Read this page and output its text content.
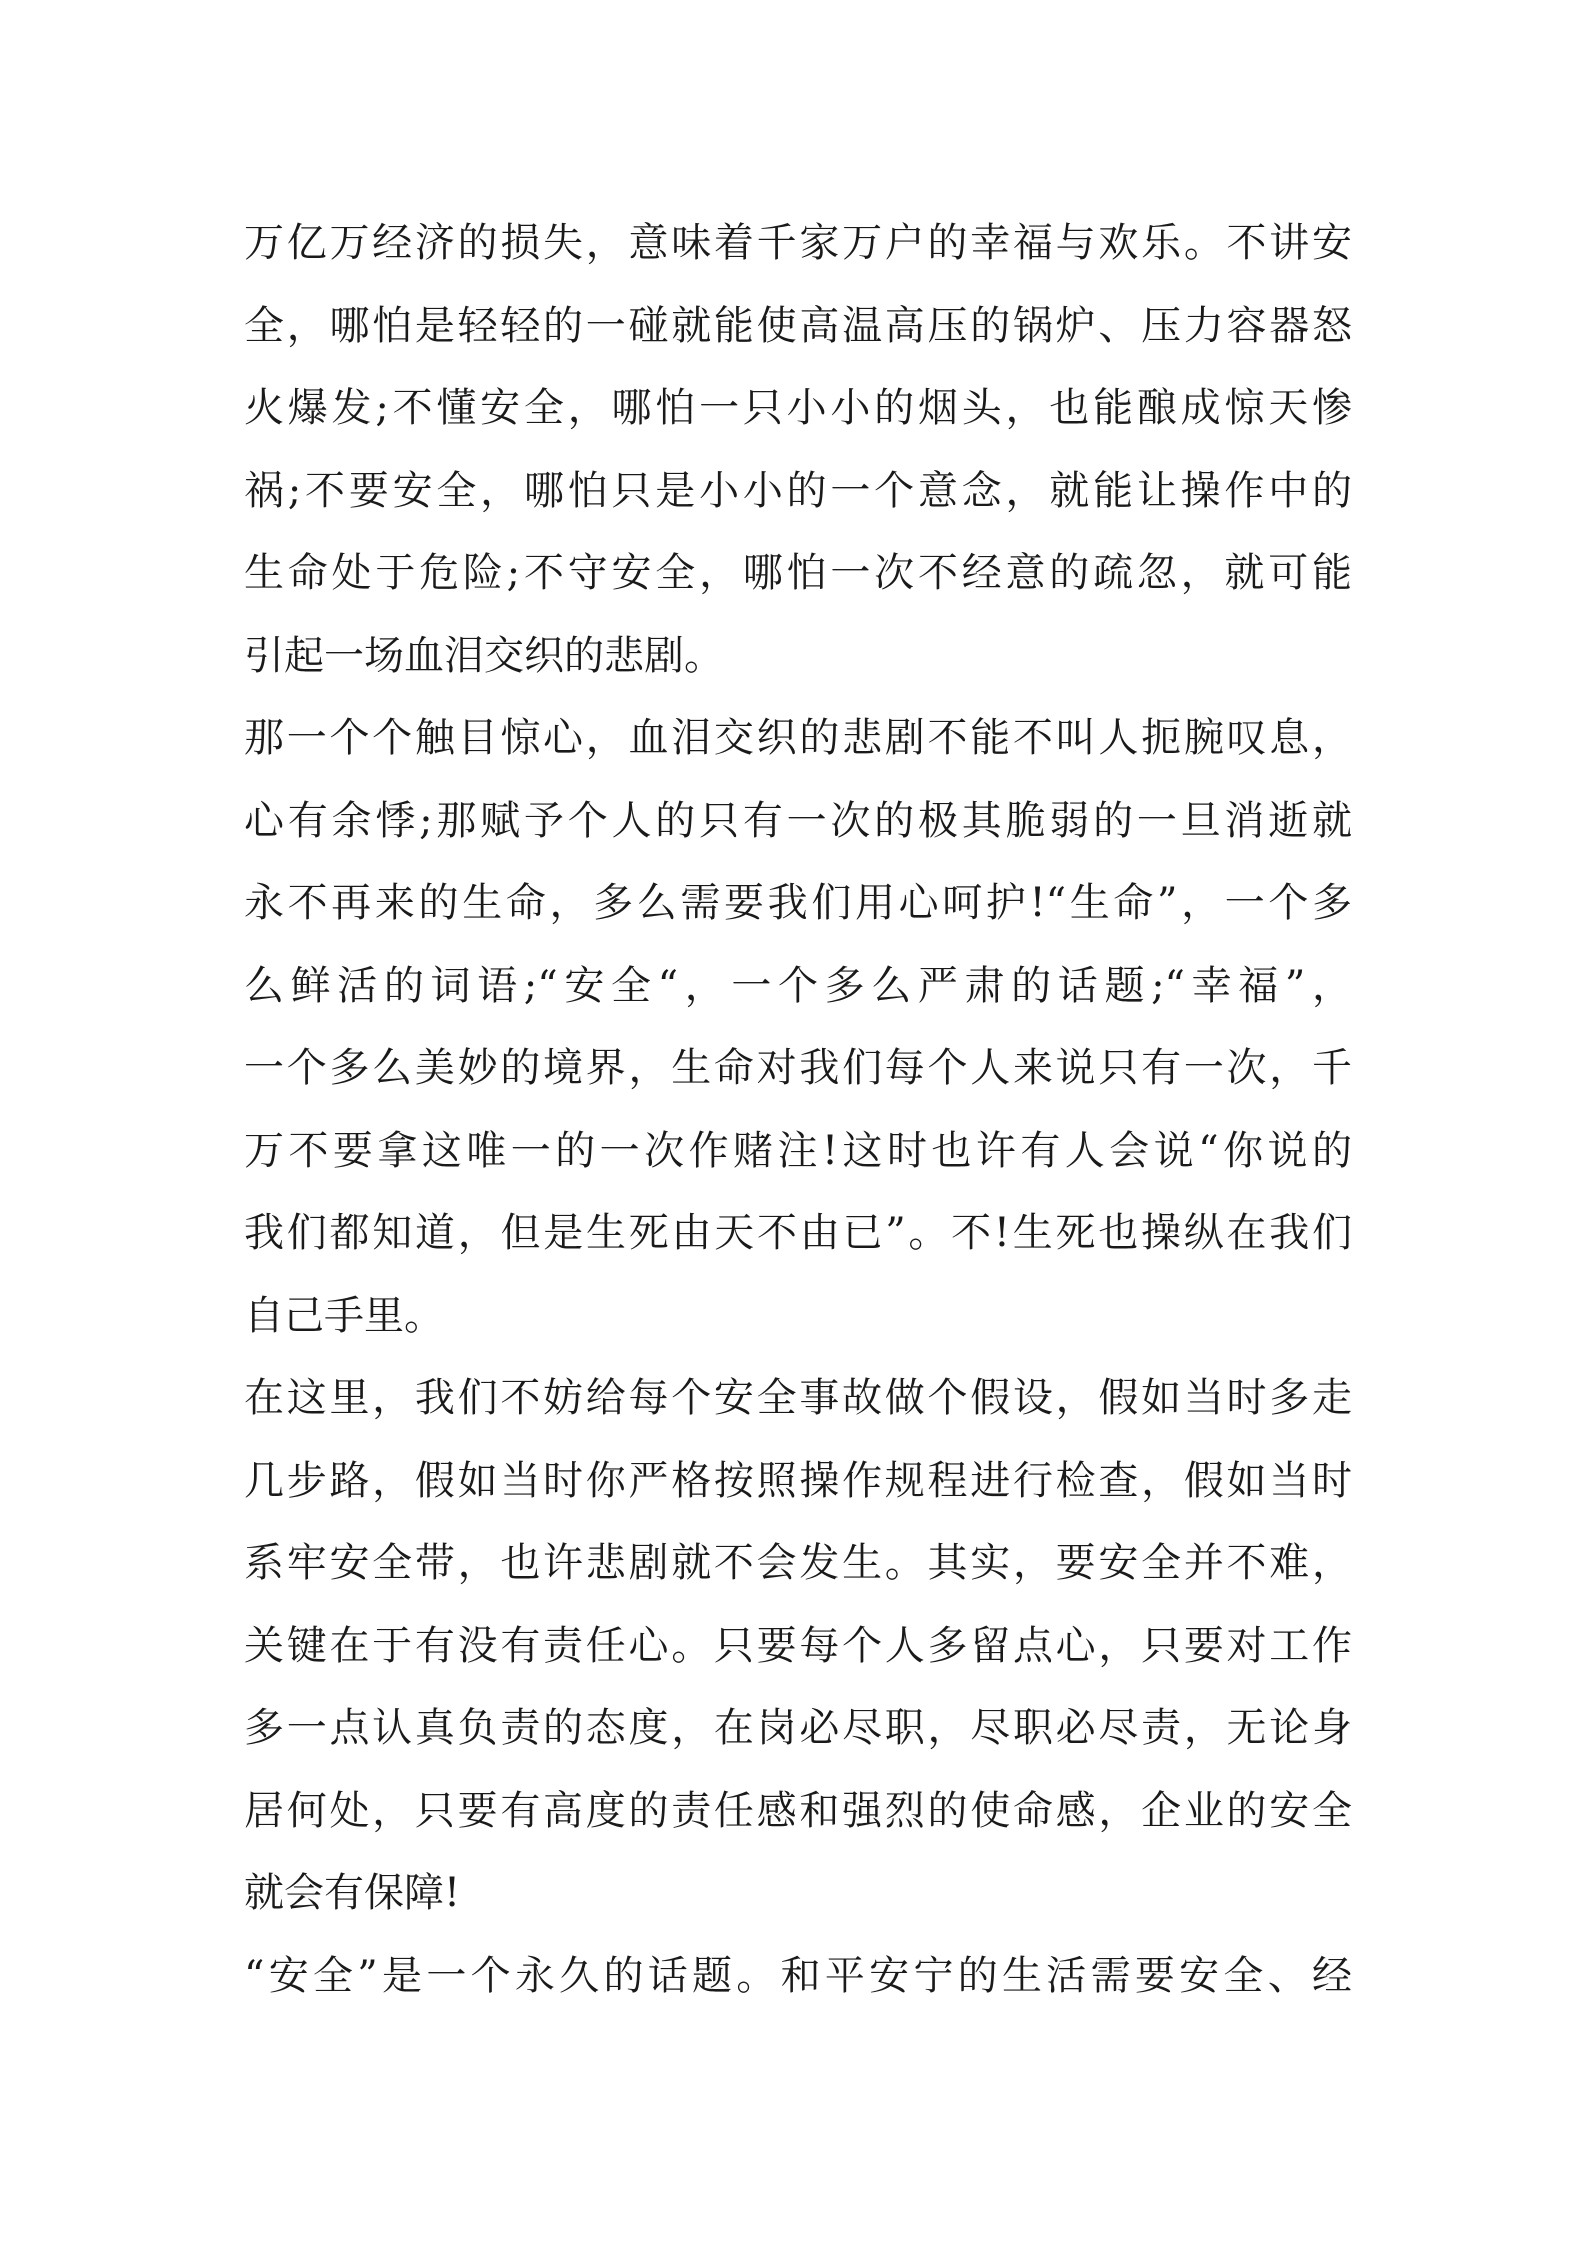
万亿万经济的损失，意味着千家万户的幸福与欢乐。不讲安
全，哪怕是轻轻的一碰就能使高温高压的锅炉、压力容器怒
火爆发;不懂安全，哪怕一只小小的烟头，也能酿成惊天惨
祸;不要安全，哪怕只是小小的一个意念，就能让操作中的
生命处于危险;不守安全，哪怕一次不经意的疏忽，就可能
引起一场血泪交织的悲剧。
那一个个触目惊心，血泪交织的悲剧不能不叫人扼腕叹息，
心有余悸;那赋予个人的只有一次的极其脆弱的一旦消逝就
永不再来的生命，多么需要我们用心呵护!“生命”，一个多
么鲜活的词语;“安全“，一个多么严肃的话题;“幸福”，
一个多么美妙的境界，生命对我们每个人来说只有一次，千
万不要拿这唯一的一次作赌注!这时也许有人会说“你说的
我们都知道，但是生死由天不由已”。不!生死也操纵在我们
自己手里。
在这里，我们不妨给每个安全事故做个假设，假如当时多走
几步路，假如当时你严格按照操作规程进行检查，假如当时
系牢安全带，也许悲剧就不会发生。其实，要安全并不难，
关键在于有没有责任心。只要每个人多留点心，只要对工作
多一点认真负责的态度，在岗必尽职，尽职必尽责，无论身
居何处，只要有高度的责任感和强烈的使命感，企业的安全
就会有保障!
“安全”是一个永久的话题。和平安宁的生活需要安全、经
